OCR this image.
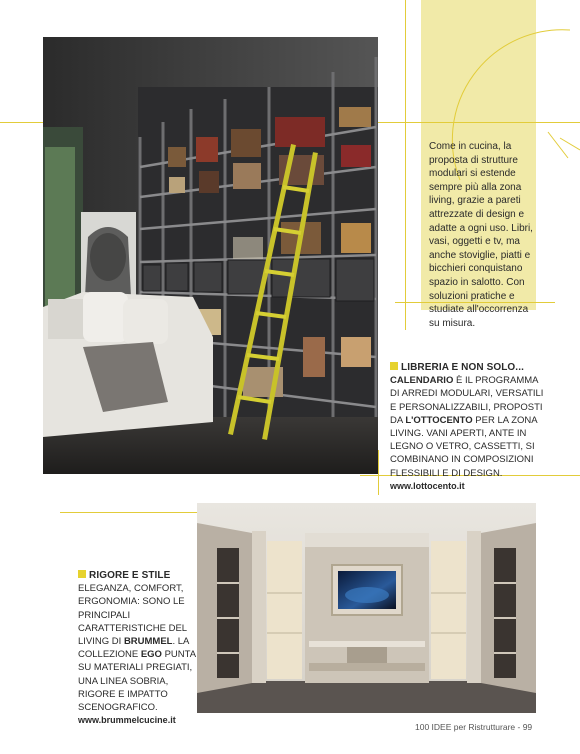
Come in cucina, la proposta di strutture modulari si estende sempre più alla zona living, grazie a pareti attrezzate di design e adatte a ogni uso. Libri, vasi, oggetti e tv, ma anche stoviglie, piatti e bicchieri conquistano spazio in salotto. Con soluzioni pratiche e studiate all'occorrenza su misura.
LIBRERIA E NON SOLO...
CALENDARIO È IL PROGRAMMA DI ARREDI MODULARI, VERSATILI E PERSONALIZZABILI, PROPOSTI DA L'OTTOCENTO PER LA ZONA LIVING. VANI APERTI, ANTE IN LEGNO O VETRO, CASSETTI, SI COMBINANO IN COMPOSIZIONI FLESSIBILI E DI DESIGN.
www.lottocento.it
RIGORE E STILE
ELEGANZA, COMFORT, ERGONOMIA: SONO LE PRINCIPALI CARATTERISTICHE DEL LIVING DI BRUMMEL. LA COLLEZIONE EGO PUNTA SU MATERIALI PREGIATI, UNA LINEA SOBRIA, RIGORE E IMPATTO SCENOGRAFICO.
www.brummelcucine.it
100 IDEE per Ristrutturare - 99
